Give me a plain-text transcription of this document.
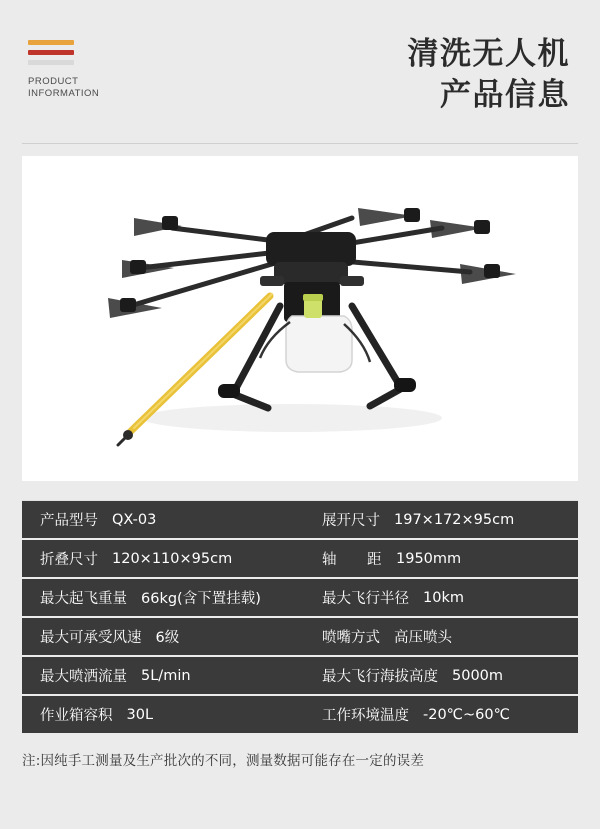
PRODUCT
INFORMATION
清洗无人机
产品信息
产品型号 QX-03	展开尺寸 197×172×95cm
折叠尺寸 120×110×95cm	轴　　距 1950mm
最大起飞重量 66kg(含下置挂载)	最大飞行半径 10km
最大可承受风速 6级	喷嘴方式 高压喷头
最大喷洒流量 5L/min	最大飞行海拔高度 5000m
作业箱容积 30L	工作环境温度 -20℃~60℃
注:因纯手工测量及生产批次的不同，测量数据可能存在一定的误差
